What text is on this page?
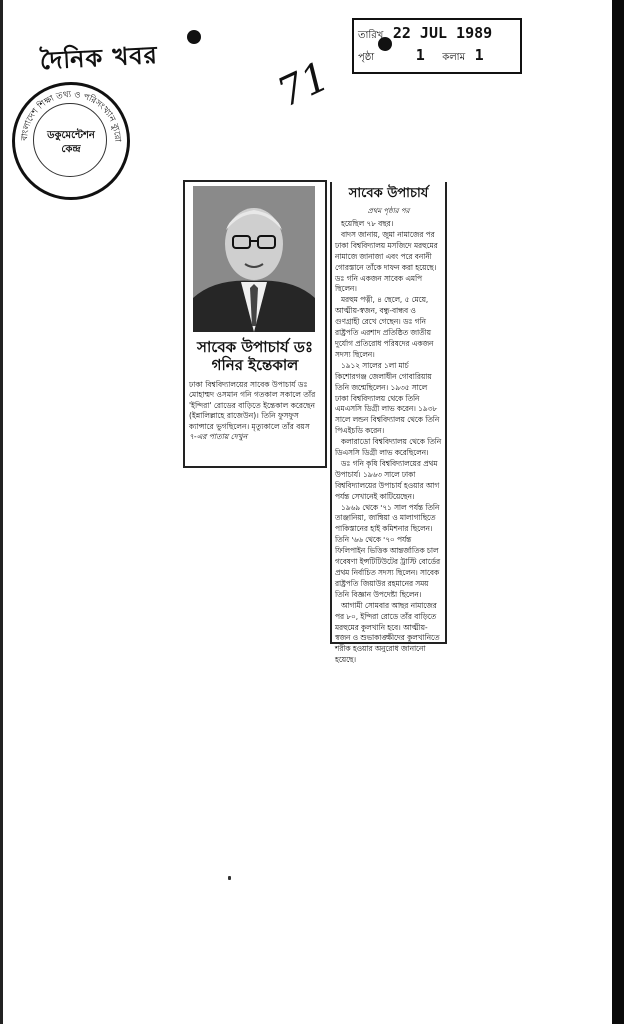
তারিখ 22 JUL 1989
পৃষ্ঠা	1 কলাম 1
দৈনিক খবর
বাংলাদেশ শিক্ষা তথ্য ও পরিসংখ্যান ব্যুরো
ডকুমেন্টেশন
কেন্দ্র
71
সাবেক উপাচার্য ডঃ
গনির ইন্তেকাল
ঢাকা বিশ্ববিদ্যালয়ের সাবেক উপাচার্য ডঃ মোহাম্মদ ওসমান গনি গতকাল সকালে তাঁর 'ইন্দিরা' রোডের বাড়িতে ইন্তেকাল করেছেন (ইন্নালিল্লাহে রাজেউন)। তিনি ফুসফুস ক্যান্সারে ভুগছিলেন। মৃত্যুকালে তাঁর বয়স
৭-এর পাতায় দেখুন
সাবেক উপাচার্য
প্রথম পৃষ্ঠার পর

হয়েছিল ৭৮ বছর।

বাদস জানায়, জুমা নামাজের পর ঢাকা বিশ্ববিদ্যালয় মসজিদে মরহুমের নামাজে জানাজা এবং পরে বনানী গোরস্তানে তাঁকে দাফন করা হয়েছে। ডঃ গনি একজন সাবেক এমপি ছিলেন।

মরহুম পত্নী, ৪ ছেলে, ৫ মেয়ে, আত্মীয়-স্বজন, বন্ধু-বান্ধব ও গুণগ্রাহী রেখে গেছেন। ডঃ গনি রাষ্ট্রপতি এরশাদ প্রতিষ্ঠিত জাতীয় দুর্যোগ প্রতিরোধ পরিষদের একজন সদস্য ছিলেন।

১৯১২ সালের ১লা মার্চ কিশোরগঞ্জ জেলাধীন গোবারিয়ায় তিনি জন্মেছিলেন। ১৯৩৫ সালে ঢাকা বিশ্ববিদ্যালয় থেকে তিনি এমএসসি ডিগ্রী লাভ করেন। ১৯৩৮ সালে লন্ডন বিশ্ববিদ্যালয় থেকে তিনি পিএইচডি করেন।

কলারাডো বিশ্ববিদ্যালয় থেকে তিনি ডিএসসি ডিগ্রী লাভ করেছিলেন।

ডঃ গনি কৃষি বিশ্ববিদ্যালয়ের প্রথম উপাচার্য। ১৯৬৩ সালে ঢাকা বিশ্ববিদ্যালয়ের উপাচার্য হওয়ার আগ পর্যন্ত সেখানেই কাটিয়েছেন।

১৯৬৯ থেকে '৭১ সাল পর্যন্ত তিনি তাঞ্জানিয়া, জাম্বিয়া ও মালাগাছিতে পাকিস্তানের হাই কমিশনার ছিলেন। তিনি '৬৬ থেকে '৭০ পর্যন্ত ফিলিপাইন ভিত্তিক আন্তর্জাতিক চাল গবেষণা ইন্সটিটিউটের ট্রাস্টি বোর্ডের প্রথম নির্বাচিত সদস্য ছিলেন। সাবেক রাষ্ট্রপতি জিয়াউর রহমানের সময় তিনি বিজ্ঞান উপদেষ্টা ছিলেন।

আগামী সোমবার আছর নামাজের পর ৮০, ইন্দিরা রোডে তাঁর বাড়িতে মরহুমের কুলখানি হবে। আত্মীয়-স্বজন ও শুভাকাঙ্ক্ষীদের কুলখানিতে শরীক হওয়ার অনুরোধ জানানো হয়েছে।
